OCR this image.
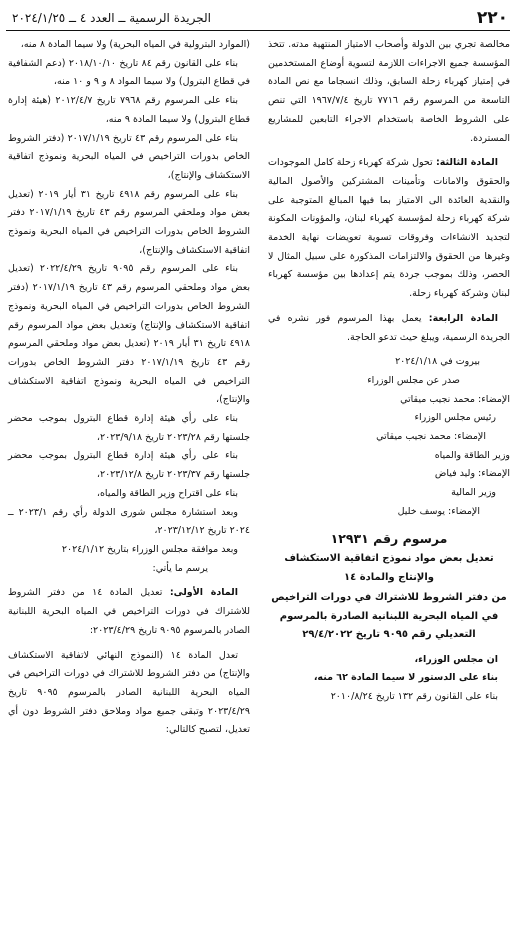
٢٢٠
الجريدة الرسمية ــ العدد ٤ ــ ٢٠٢٤/١/٢٥

مخالصة تجري بين الدولة وأصحاب الامتياز المنتهية مدته. تتخذ المؤسسة جميع الاجراءات اللازمة لتسوية أوضاع المستخدمين في إمتياز كهرباء زحلة السابق، وذلك انسجاما مع نص المادة التاسعة من المرسوم رقم ٧٧١٦ تاريخ ١٩٦٧/٧/٤ التي تنص على الشروط الخاصة باستخدام الاجراء التابعين للمشاريع المستردة.

المادة الثالثة: تحول شركة كهرباء زحلة كامل الموجودات والحقوق والامانات وتأمينات المشتركين والأصول المالية والنقدية العائدة الى الامتياز بما فيها المبالغ المتوجبة على شركة كهرباء زحلة لمؤسسة كهرباء لبنان، والمؤونات المكونة لتجديد الانشاءات وفروقات تسوية تعويضات نهاية الخدمة وغيرها من الحقوق والالتزامات المذكورة على سبيل المثال لا الحصر، وذلك بموجب جردة يتم إعدادها بين مؤسسة كهرباء لبنان وشركة كهرباء زحلة.

المادة الرابعة: يعمل بهذا المرسوم فور نشره في الجريدة الرسمية، ويبلغ حيث تدعو الحاجة.

بيروت في ٢٠٢٤/١/١٨

صدر عن مجلس الوزراء

الإمضاء: محمد نجيب ميقاتي

رئيس مجلس الوزراء

الإمضاء: محمد نجيب ميقاتي

وزير الطاقة والمياه

الإمضاء: وليد فياض

وزير المالية

الإمضاء: يوسف خليل

مرسوم رقم ١٢٩٣١
تعديل بعض مواد نموذج اتفاقية الاستكشاف والإنتاج والمادة ١٤
من دفتر الشروط للاشتراك في دورات التراخيص في المياه البحرية اللبنانية الصادرة بالمرسوم التعديلي رقم ٩٠٩٥ تاريخ ٢٩/٤/٢٠٢٢

ان مجلس الوزراء،

بناء على الدستور لا سيما المادة ٦٢ منه،

بناء على القانون رقم ١٣٢ تاريخ ٢٠١٠/٨/٢٤

(الموارد البترولية في المياه البحرية) ولا سيما المادة ٨ منه،

بناء على القانون رقم ٨٤ تاريخ ٢٠١٨/١٠/١٠ (دعم الشفافية في قطاع البترول) ولا سيما المواد ٨ و ٩ و ١٠ منه،

بناء على المرسوم رقم ٧٩٦٨ تاريخ ٢٠١٢/٤/٧ (هيئة إدارة قطاع البترول) ولا سيما المادة ٩ منه،

بناء على المرسوم رقم ٤٣ تاريخ ٢٠١٧/١/١٩ (دفتر الشروط الخاص بدورات التراخيص في المياه البحرية ونموذج اتفاقية الاستكشاف والإنتاج)،

بناء على المرسوم رقم ٤٩١٨ تاريخ ٣١ أيار ٢٠١٩ (تعديل بعض مواد وملحقي المرسوم رقم ٤٣ تاريخ ٢٠١٧/١/١٩ دفتر الشروط الخاص بدورات التراخيص في المياه البحرية ونموذج اتفاقية الاستكشاف والإنتاج)،

بناء على المرسوم رقم ٩٠٩٥ تاريخ ٢٠٢٢/٤/٢٩ (تعديل بعض مواد وملحقي المرسوم رقم ٤٣ تاريخ ٢٠١٧/١/١٩ (دفتر الشروط الخاص بدورات التراخيص في المياه البحرية ونموذج اتفاقية الاستكشاف والإنتاج) وتعديل بعض مواد المرسوم رقم ٤٩١٨ تاريخ ٣١ أيار ٢٠١٩ (تعديل بعض مواد وملحقي المرسوم رقم ٤٣ تاريخ ٢٠١٧/١/١٩ دفتر الشروط الخاص بدورات التراخيص في المياه البحرية ونموذج اتفاقية الاستكشاف والإنتاج)،

بناء على رأي هيئة إدارة قطاع البترول بموجب محضر جلستها رقم ٢٠٢٣/٢٨ تاريخ ٢٠٢٣/٩/١٨،

بناء على رأي هيئة إدارة قطاع البترول بموجب محضر جلستها رقم ٢٠٢٣/٣٧ تاريخ ٢٠٢٣/١٢/٨،

بناء على اقتراح وزير الطاقة والمياه،

وبعد استشارة مجلس شورى الدولة رأي رقم ٢٠٢٣/١ ــ ٢٠٢٤ تاريخ ٢٠٢٣/١٢/١٢،

وبعد موافقة مجلس الوزراء بتاريخ ٢٠٢٤/١/١٢

يرسم ما يأتي:

المادة الأولى: تعديل المادة ١٤ من دفتر الشروط للاشتراك في دورات التراخيص في المياه البحرية اللبنانية الصادر بالمرسوم ٩٠٩٥ تاريخ ٢٠٢٣/٤/٢٩:

تعدل المادة ١٤ (النموذج النهائي لاتفاقية الاستكشاف والإنتاج) من دفتر الشروط للاشتراك في دورات التراخيص في المياه البحرية اللبنانية الصادر بالمرسوم ٩٠٩٥ تاريخ ٢٠٢٣/٤/٢٩ وتبقى جميع مواد وملاحق دفتر الشروط دون أي تعديل، لتصبح كالتالي:
